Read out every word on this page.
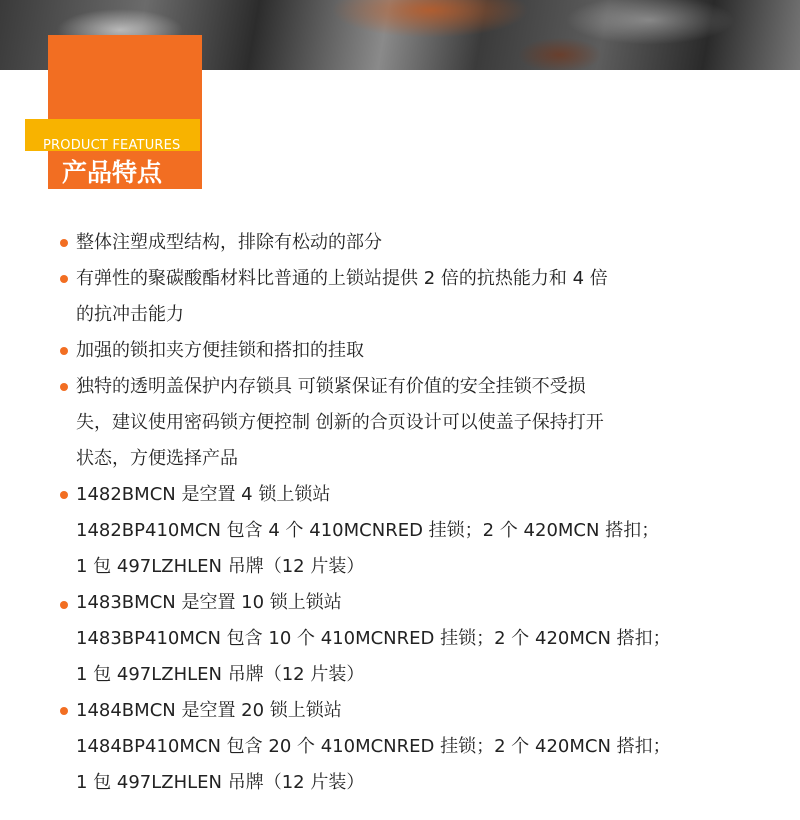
PRODUCT FEATURES
产品特点
整体注塑成型结构，排除有松动的部分
有弹性的聚碳酸酯材料比普通的上锁站提供 2 倍的抗热能力和 4 倍
的抗冲击能力
加强的锁扣夹方便挂锁和搭扣的挂取
独特的透明盖保护内存锁具 可锁紧保证有价值的安全挂锁不受损
失，建议使用密码锁方便控制 创新的合页设计可以使盖子保持打开
状态，方便选择产品
1482BMCN 是空置 4 锁上锁站
1482BP410MCN 包含 4 个 410MCNRED 挂锁；2 个 420MCN 搭扣；
1 包 497LZHLEN 吊牌（12 片装）
1483BMCN 是空置 10 锁上锁站
1483BP410MCN 包含 10 个 410MCNRED 挂锁；2 个 420MCN 搭扣；
1 包 497LZHLEN 吊牌（12 片装）
1484BMCN 是空置 20 锁上锁站
1484BP410MCN 包含 20 个 410MCNRED 挂锁；2 个 420MCN 搭扣；
1 包 497LZHLEN 吊牌（12 片装）
